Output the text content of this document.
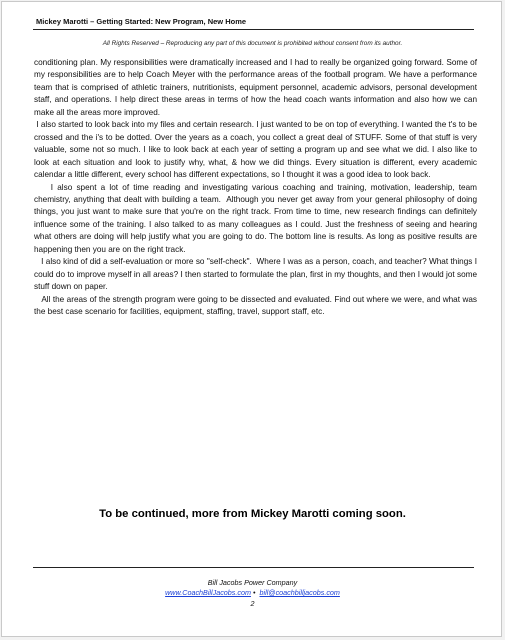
Mickey Marotti – Getting Started: New Program, New Home
All Rights Reserved – Reproducing any part of this document is prohibited without consent from its author.

conditioning plan. My responsibilities were dramatically increased and I had to really be organized going forward. Some of my responsibilities are to help Coach Meyer with the performance areas of the football program. We have a performance team that is comprised of athletic trainers, nutritionists, equipment personnel, academic advisors, personal development staff, and operations. I help direct these areas in terms of how the head coach wants information and also how we can make all the areas more improved.

I also started to look back into my files and certain research. I just wanted to be on top of everything. I wanted the t's to be crossed and the i's to be dotted. Over the years as a coach, you collect a great deal of STUFF. Some of that stuff is very valuable, some not so much. I like to look back at each year of setting a program up and see what we did. I also like to look at each situation and look to justify why, what, & how we did things. Every situation is different, every academic calendar a little different, every school has different expectations, so I thought it was a good idea to look back.

I also spent a lot of time reading and investigating various coaching and training, motivation, leadership, team chemistry, anything that dealt with building a team.  Although you never get away from your general philosophy of doing things, you just want to make sure that you're on the right track. From time to time, new research findings can definitely influence some of the training. I also talked to as many colleagues as I could. Just the freshness of seeing and hearing what others are doing will help justify what you are going to do. The bottom line is results. As long as positive results are happening then you are on the right track.

I also kind of did a self-evaluation or more so "self-check".  Where I was as a person, coach, and teacher? What things I could do to improve myself in all areas? I then started to formulate the plan, first in my thoughts, and then I would jot some stuff down on paper.

All the areas of the strength program were going to be dissected and evaluated. Find out where we were, and what was the best case scenario for facilities, equipment, staffing, travel, support staff, etc.

To be continued, more from Mickey Marotti coming soon.
Bill Jacobs Power Company
www.CoachBillJacobs.com •  bill@coachbilljacobs.com
2
